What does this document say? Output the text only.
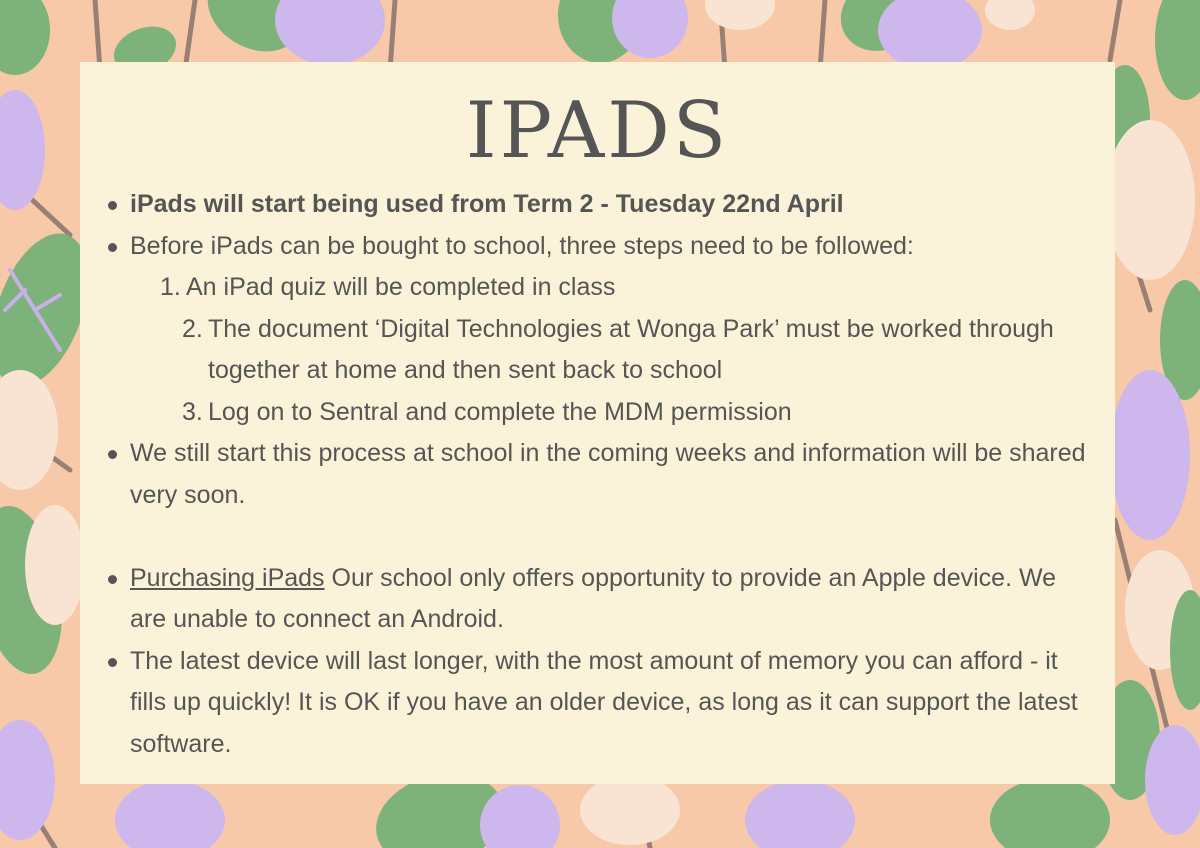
IPADS
iPads will start being used from Term 2 - Tuesday 22nd April
Before iPads can be bought to school, three steps need to be followed:
1. An iPad quiz will be completed in class
2. The document ‘Digital Technologies at Wonga Park’ must be worked through together at home and then sent back to school
3. Log on to Sentral and complete the MDM permission
We still start this process at school in the coming weeks and information will be shared very soon.
Purchasing iPads Our school only offers opportunity to provide an Apple device. We are unable to connect an Android.
The latest device will last longer, with the most amount of memory you can afford - it fills up quickly! It is OK if you have an older device, as long as it can support the latest software.
